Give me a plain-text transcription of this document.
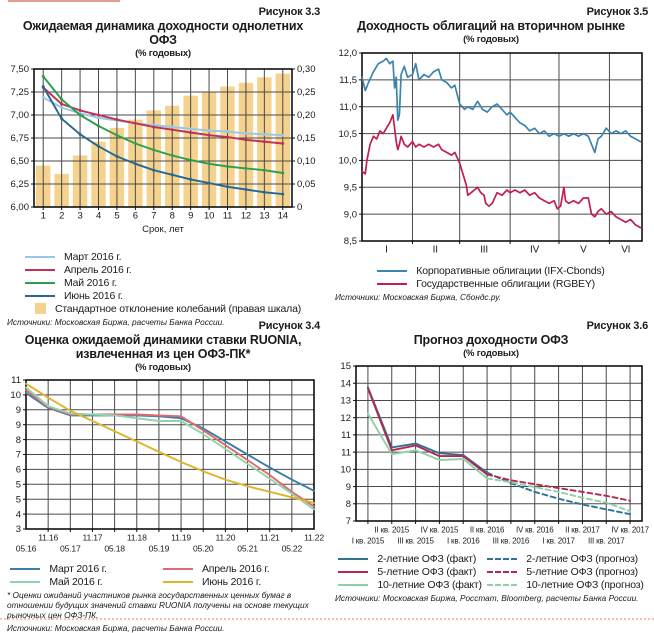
Рисунок 3.3
Ожидаемая динамика доходности однолетних ОФЗ
(% годовых)
7,50
7,25
7,00
6,75
6,50
6,25
6,00
0,30
0,25
0,20
0,15
0,10
0,05
0
1 2 3 4 5 6 7 8 9 10 11 12 13 14
Срок, лет
Март 2016 г.
Апрель 2016 г.
Май 2016 г.
Июнь 2016 г.
Стандартное отклонение колебаний (правая шкала)
Источники: Московская Биржа, расчеты Банка России.
Рисунок 3.5
Доходность облигаций на вторичном рынке
(% годовых)
12,0
11,5
11,0
10,5
10,0
9,5
9,0
8,5
I	II	III	IV	V	VI
Корпоративные облигации (IFX-Cbonds)
Государственные облигации (RGBEY)
Источники: Московская Биржа, Сбондс.ру.
Рисунок 3.4
Оценка ожидаемой динамики ставки RUONIA, извлеченная из цен ОФЗ-ПК*
(% годовых)
11
10
9
9
8
7
6
5
5
4
3
05.16
11.16
05.17
11.17
05.18
11.18
05.19
11.19
05.20
11.20
05.21
11.21
05.22
11.22
Март 2016 г.	Апрель 2016 г.
Май 2016 г.	Июнь 2016 г.
* Оценки ожиданий участников рынка государственных ценных бумаг в отношении будущих значений ставки RUONIA получены на основе текущих рыночных цен ОФЗ-ПК.
Источники: Московская Биржа, расчеты Банка России.
Рисунок 3.6
Прогноз доходности ОФЗ
(% годовых)
15
14
13
12
11
11
10
9
8
7
I кв. 2015
II кв. 2015
III кв. 2015
IV кв. 2015
I кв. 2016
II кв. 2016
III кв. 2016
IV кв. 2016
I кв. 2017
II кв. 2017
III кв. 2017
IV кв. 2017
2-летние ОФЗ (факт)	2-летние ОФЗ (прогноз)
5-летние ОФЗ (факт)	5-летние ОФЗ (прогноз)
10-летние ОФЗ (факт)	10-летние ОФЗ (прогноз)
Источники: Московская Биржа, Росстат, Bloomberg, расчеты Банка России.
